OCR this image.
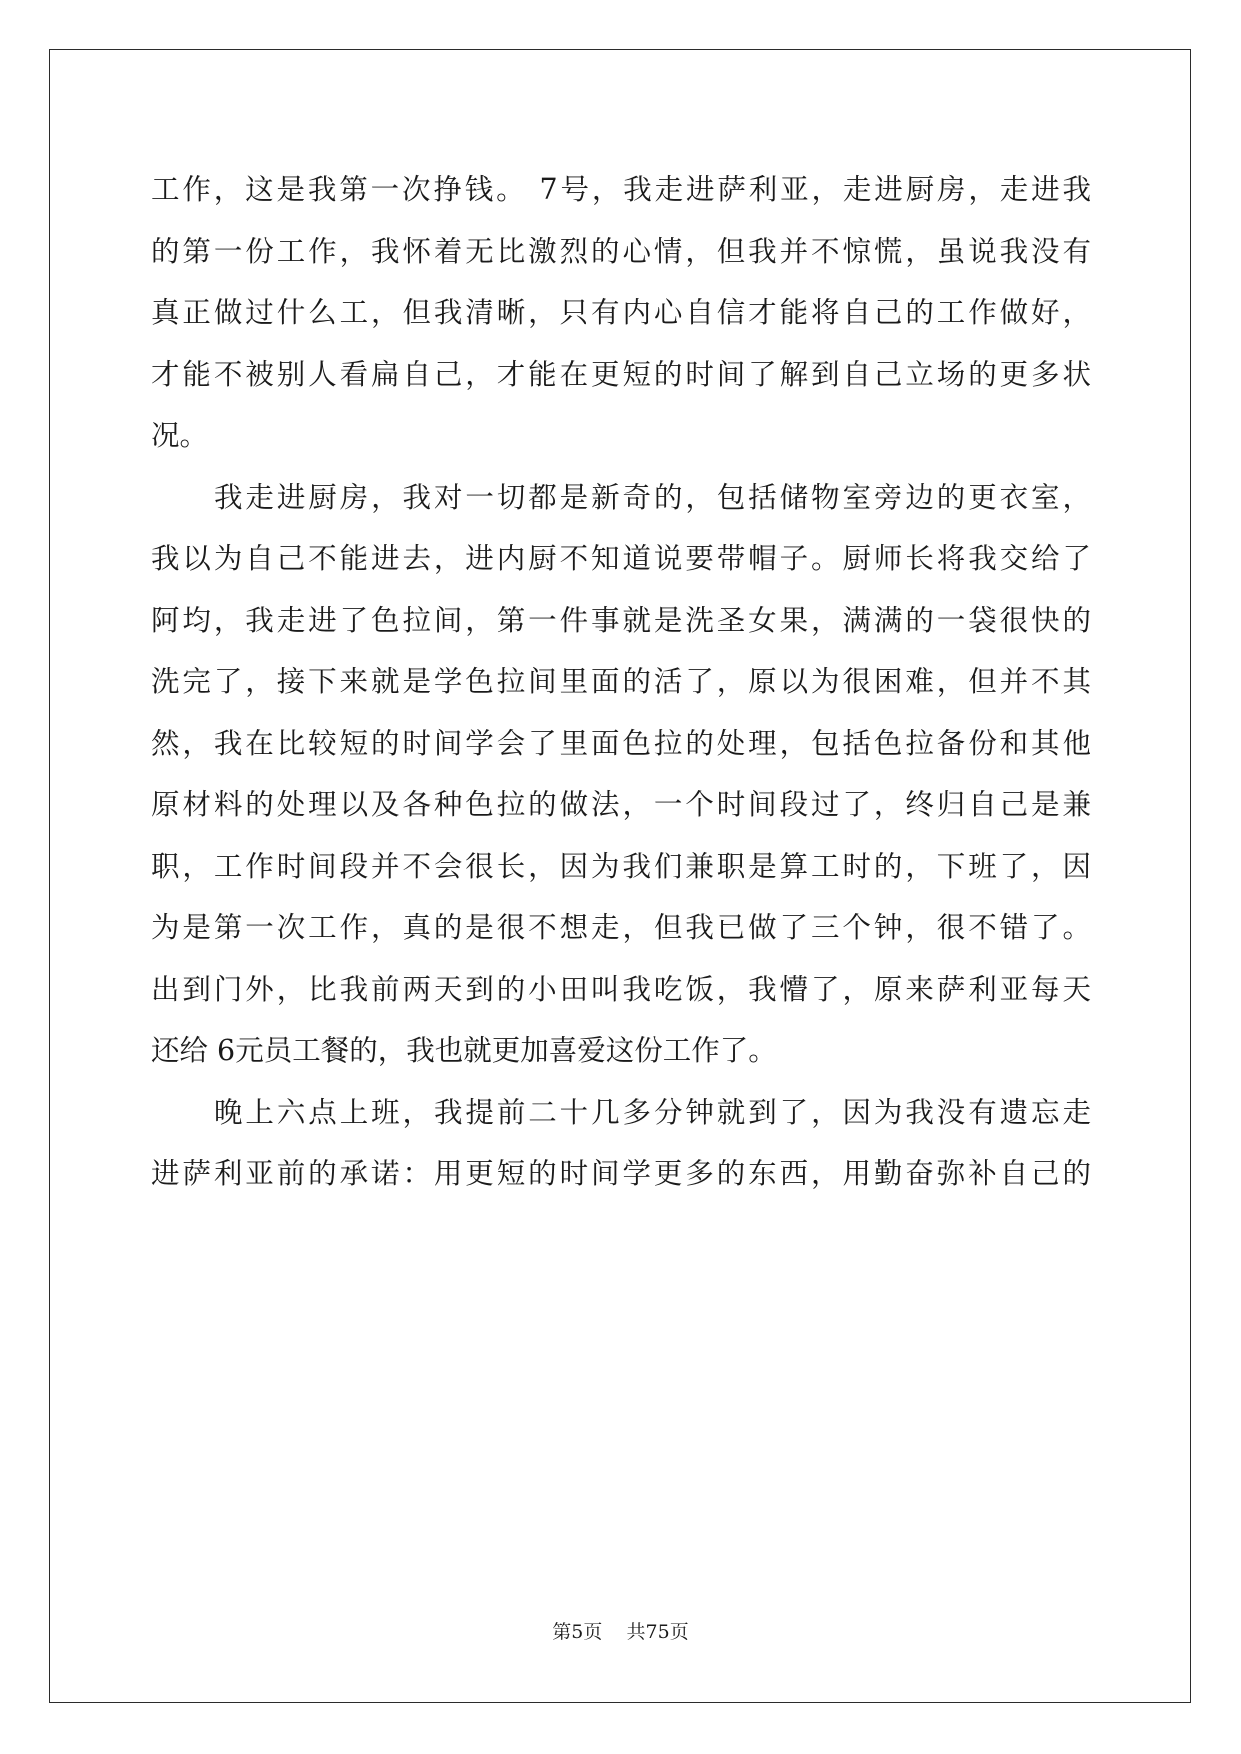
工作，这是我第一次挣钱。 7号，我走进萨利亚，走进厨房，走进我
的第一份工作，我怀着无比激烈的心情，但我并不惊慌，虽说我没有
真正做过什么工，但我清晰，只有内心自信才能将自己的工作做好，
才能不被别人看扁自己，才能在更短的时间了解到自己立场的更多状
况。
我走进厨房，我对一切都是新奇的，包括储物室旁边的更衣室，
我以为自己不能进去，进内厨不知道说要带帽子。厨师长将我交给了
阿均，我走进了色拉间，第一件事就是洗圣女果，满满的一袋很快的
洗完了，接下来就是学色拉间里面的活了，原以为很困难，但并不其
然，我在比较短的时间学会了里面色拉的处理，包括色拉备份和其他
原材料的处理以及各种色拉的做法，一个时间段过了，终归自己是兼
职，工作时间段并不会很长，因为我们兼职是算工时的，下班了，因
为是第一次工作，真的是很不想走，但我已做了三个钟，很不错了。
出到门外，比我前两天到的小田叫我吃饭，我懵了，原来萨利亚每天
还给 6元员工餐的，我也就更加喜爱这份工作了。
晚上六点上班，我提前二十几多分钟就到了，因为我没有遗忘走
进萨利亚前的承诺：用更短的时间学更多的东西，用勤奋弥补自己的
第5页 共75页
